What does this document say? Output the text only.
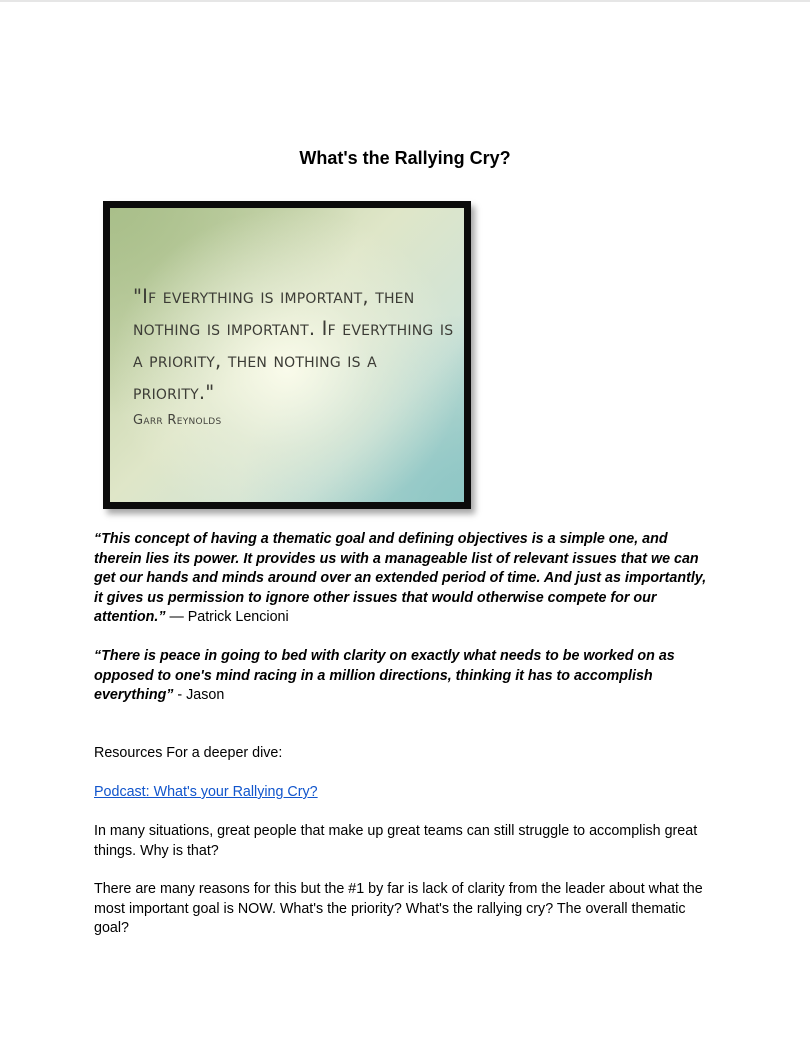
What's the Rallying Cry?
"If everything is important, then nothing is important. If everything is a priority, then nothing is a priority."
Garr Reynolds
“This concept of having a thematic goal and defining objectives is a simple one, and therein lies its power. It provides us with a manageable list of relevant issues that we can get our hands and minds around over an extended period of time. And just as importantly, it gives us permission to ignore other issues that would otherwise compete for our attention.” — Patrick Lencioni
“There is peace in going to bed with clarity on exactly what needs to be worked on as opposed to one's mind racing in a million directions, thinking it has to accomplish everything” - Jason
Resources For a deeper dive:
Podcast: What's your Rallying Cry?
In many situations, great people that make up great teams can still struggle to accomplish great things. Why is that?
There are many reasons for this but the #1 by far is lack of clarity from the leader about what the most important goal is NOW. What's the priority? What's the rallying cry? The overall thematic goal?
